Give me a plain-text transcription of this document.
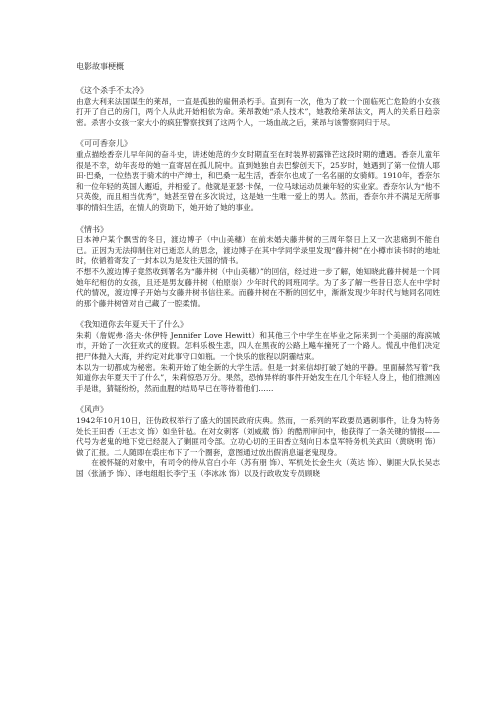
电影故事梗概

《这个杀手不太冷》

由意大利来法国谋生的莱昂，一直是孤独的雇佣杀朽手。直到有一次，他为了救一个面临死亡危险的小女孩打开了自己的房门，两个人从此开始相依为命。莱昂教她“杀人技术”，她教给莱昂法文，两人的关系日趋亲密。杀害小女孩一家大小的疯狂警察找到了这两个人，一场血战之后，莱昂与该警察同归于尽。

《可可香奈儿》

重点描绘香奈儿早年间的奋斗史，讲述她范的少女时期直至在时装界初露锋芒这段时期的遭遇。香奈儿童年很是不幸，幼年丧母的她一直寄居在孤儿院中。直到她独自去巴黎创天下，25岁时，她遇到了第一位情人耶田·巴桑，一位热衷于骑术的中产绅士，和巴桑一起生活，香奈尔也成了一名名丽的女骑师。1910年，香奈尔和一位年轻的英国人邂逅，并相爱了。他就是亚瑟·卡保，一位马球运动员兼年轻的实业家。香奈尔认为“他不只英俊，而且相当优秀”，她甚至曾在多次说过，这是她一生唯一爱上的男人。然而，香奈尔并不满足无所事事的情妇生活，在情人的资助下，她开始了她的事业。

《情书》

日本神户某个飘雪的冬日，渡边博子（中山美穗）在前未婚夫藤井树的三周年祭日上又一次悲痛到不能自已。正因为无法抑制住对已逝恋人的思念，渡边博子在其中学同学录里发现“藤井树”在小樽市读书时的地址时，依循着寄发了一封本以为是发往天国的情书。

不想不久渡边博子竟然收到署名为“藤井树（中山美穗）”的回信，经过进一步了解，她知晓此藤井树是一个同她年纪相仿的女孩，且还是男友藤井树（柏原崇）少年时代的同班同学。为了多了解一些昔日恋人在中学时代的情况，渡边博子开始与女藤井树书信往来。而藤井树在不断的回忆中，渐渐发现少年时代与她同名同姓的那个藤井树曾对自己藏了一腔柔情。

《我知道你去年夏天干了什么》

朱莉（詹妮弗·洛夫·休伊特 Jennifer Love Hewitt）和其他三个中学生在毕业之际来到一个美丽的海滨城市，开始了一次狂欢式的度假。怎料乐极生悲，四人在黑夜的公路上飚车撞死了一个路人。慌乱中他们决定把尸体抛入大海，并约定对此事守口如瓶。一个快乐的旅程以阴霾结束。

本以为一切都成为秘密。朱莉开始了她全新的大学生活。但是一封来信却打破了她的平静。里面赫然写着“我知道你去年夏天干了什么”，朱莉惊恐万分。果然，恐怖异样的事件开始发生在几个年轻人身上，他们推测凶手是谁，猜疑纷纷，然而血腥的结局早已在等待着他们……

《风声》

1942年10月10日，汪伪政权举行了盛大的国民政府庆典。然而，一系列的军政要员遇刺事件，让身为特务处长王田香（王志文 饰）如坐针毡。在对女刺客（刘威葳 饰）的酷刑审问中，他获得了一条关键的情报——代号为老鬼的地下党已经混入了剿匪司令部。立功心切的王田香立刻向日本皇军特务机关武田（黄晓明 饰）做了汇报。二人随即在裘庄布下了一个圈套，意图通过放出假消息逼老鬼现身。

在被怀疑的对象中，有司令的侍从官白小年（苏有朋 饰）、军机处长金生火（英达 饰）、剿匪大队长吴志国（张涵予 饰）、译电组组长李宁玉（李冰冰 饰）以及行政收发专员顾晓
